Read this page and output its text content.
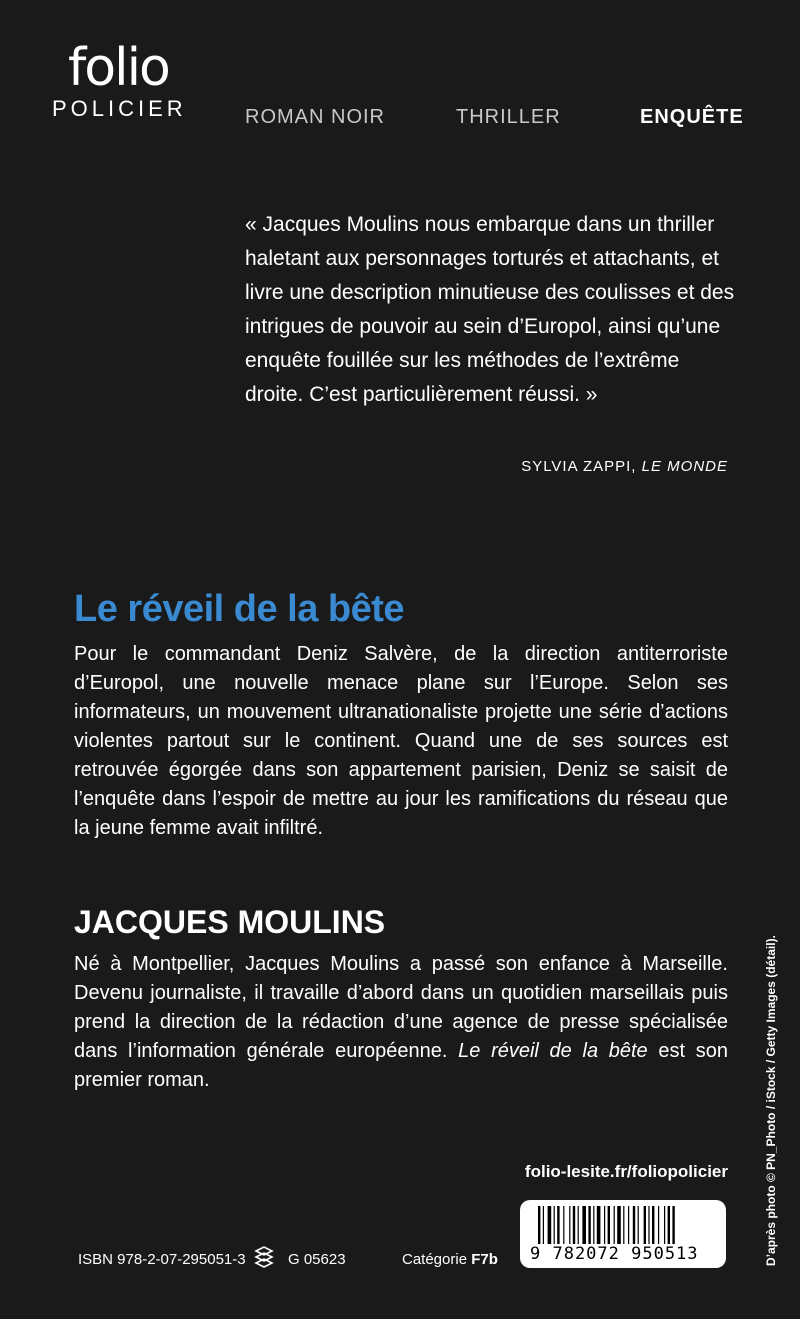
folio
POLICIER	ROMAN NOIR	THRILLER	ENQUÊTE

« Jacques Moulins nous embarque dans un thriller haletant aux personnages torturés et attachants, et livre une description minutieuse des coulisses et des intrigues de pouvoir au sein d’Europol, ainsi qu’une enquête fouillée sur les méthodes de l’extrême droite. C’est particulièrement réussi. »

SYLVIA ZAPPI, LE MONDE
Le réveil de la bête

Pour le commandant Deniz Salvère, de la direction antiterroriste d’Europol, une nouvelle menace plane sur l’Europe. Selon ses informateurs, un mouvement ultranationaliste projette une série d’actions violentes partout sur le continent. Quand une de ses sources est retrouvée égorgée dans son appartement parisien, Deniz se saisit de l’enquête dans l’espoir de mettre au jour les ramifications du réseau que la jeune femme avait infiltré.

JACQUES MOULINS

Né à Montpellier, Jacques Moulins a passé son enfance à Marseille. Devenu journaliste, il travaille d’abord dans un quotidien marseillais puis prend la direction de la rédaction d’une agence de presse spécialisée dans l’information générale européenne. Le réveil de la bête est son premier roman.

folio-lesite.fr/foliopolicier
9 782072 950513
ISBN 978-2-07-295051-3	G 05623	Catégorie F7b	D’après photo © PN_Photo / iStock / Getty Images (détail).
